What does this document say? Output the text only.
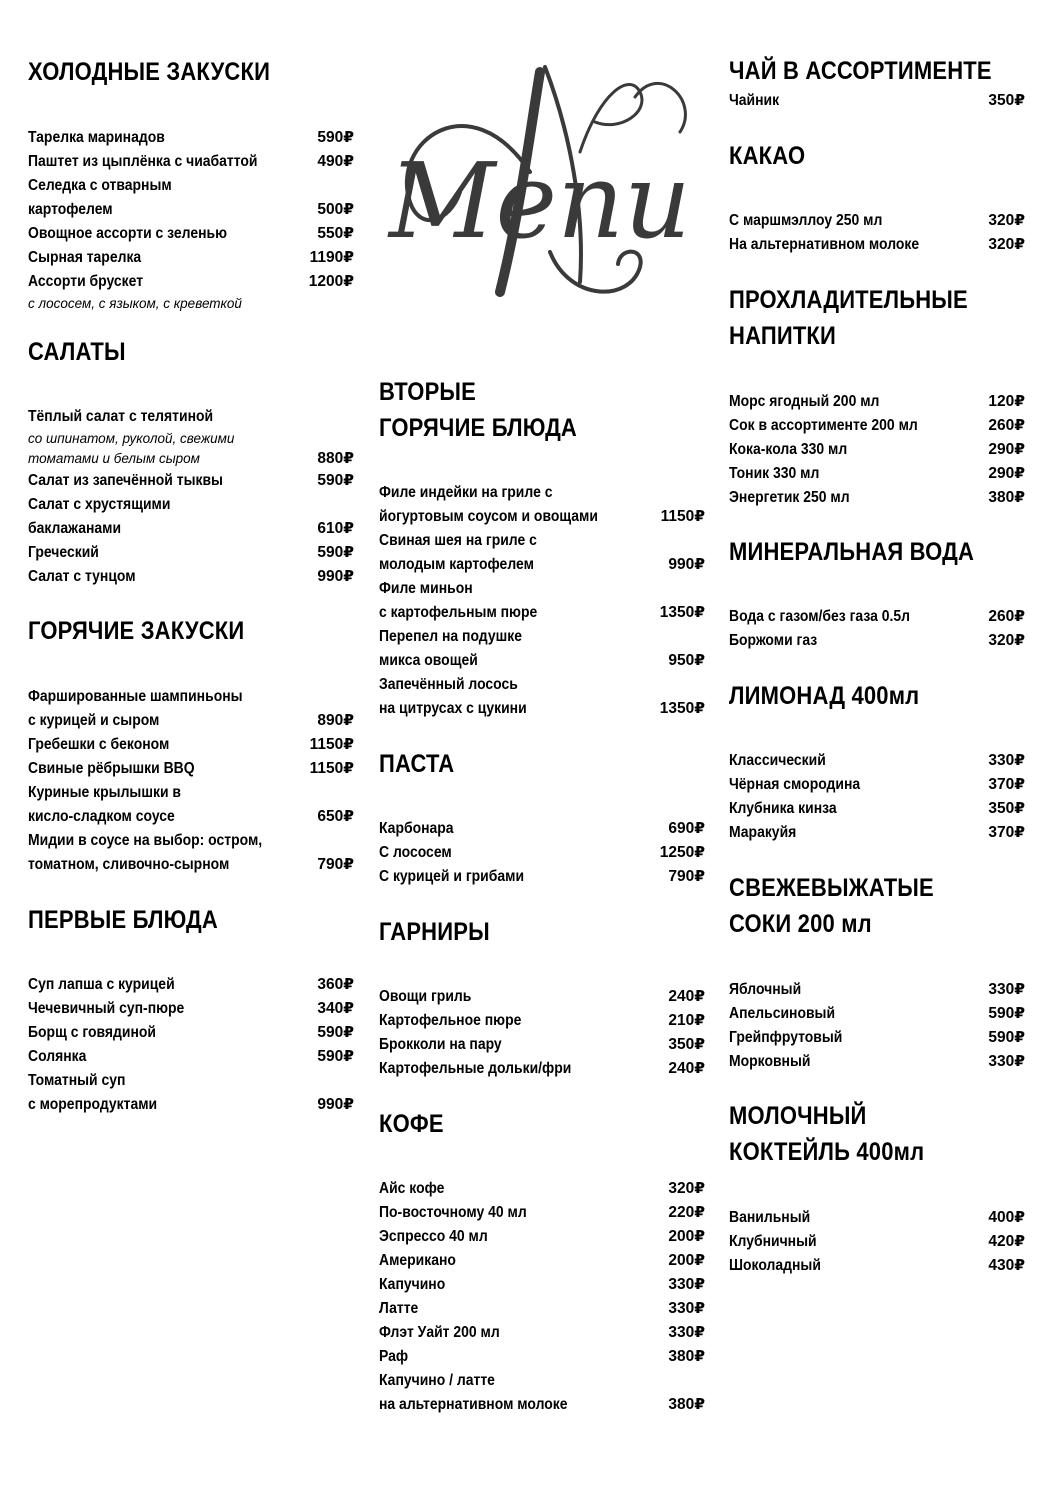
ХОЛОДНЫЕ ЗАКУСКИ
Тарелка маринадов	590₽
Паштет из цыплёнка с чиабаттой	490₽
Селедка с отварным
картофелем	500₽
Овощное ассорти с зеленью	550₽
Сырная тарелка	1190₽
Ассорти брускет	1200₽
с лососем, с языком, с креветкой
САЛАТЫ
Тёплый салат с телятиной
со шпинатом, руколой, свежими
томатами и белым сыром	880₽
Салат из запечённой тыквы	590₽
Салат с хрустящими
баклажанами	610₽
Греческий	590₽
Салат с тунцом	990₽
ГОРЯЧИЕ ЗАКУСКИ
Фаршированные шампиньоны
с курицей и сыром	890₽
Гребешки с беконом	1150₽
Свиные рёбрышки BBQ	1150₽
Куриные крылышки в
кисло-сладком соусе	650₽
Мидии в соусе на выбор: остром,
томатном, сливочно-сырном	790₽
ПЕРВЫЕ БЛЮДА
Суп лапша с курицей	360₽
Чечевичный суп-пюре	340₽
Борщ с говядиной	590₽
Солянка	590₽
Томатный суп
с морепродуктами	990₽
Menu
ВТОРЫЕ
ГОРЯЧИЕ БЛЮДА
Филе индейки на гриле с
йогуртовым соусом и овощами	1150₽
Свиная шея на гриле с
молодым картофелем	990₽
Филе миньон
с картофельным пюре	1350₽
Перепел на подушке
микса овощей	950₽
Запечённый лосось
на цитрусах с цукини	1350₽
ПАСТА
Карбонара	690₽
С лососем	1250₽
С курицей и грибами	790₽
ГАРНИРЫ
Овощи гриль	240₽
Картофельное пюре	210₽
Брокколи на пару	350₽
Картофельные дольки/фри	240₽
КОФЕ
Айс кофе	320₽
По-восточному 40 мл	220₽
Эспрессо 40 мл	200₽
Американо	200₽
Капучино	330₽
Латте	330₽
Флэт Уайт 200 мл	330₽
Раф	380₽
Капучино / латте
на альтернативном молоке	380₽
ЧАЙ В АССОРТИМЕНТЕ
Чайник	350₽
КАКАО
С маршмэллоу 250 мл	320₽
На альтернативном молоке	320₽
ПРОХЛАДИТЕЛЬНЫЕ
НАПИТКИ
Морс ягодный 200 мл	120₽
Сок в ассортименте 200 мл	260₽
Кока-кола 330 мл	290₽
Тоник 330 мл	290₽
Энергетик 250 мл	380₽
МИНЕРАЛЬНАЯ ВОДА
Вода с газом/без газа 0.5л	260₽
Боржоми газ	320₽
ЛИМОНАД 400мл
Классический	330₽
Чёрная смородина	370₽
Клубника кинза	350₽
Маракуйя	370₽
СВЕЖЕВЫЖАТЫЕ
СОКИ 200 мл
Яблочный	330₽
Апельсиновый	590₽
Грейпфрутовый	590₽
Морковный	330₽
МОЛОЧНЫЙ
КОКТЕЙЛЬ 400мл
Ванильный	400₽
Клубничный	420₽
Шоколадный	430₽
